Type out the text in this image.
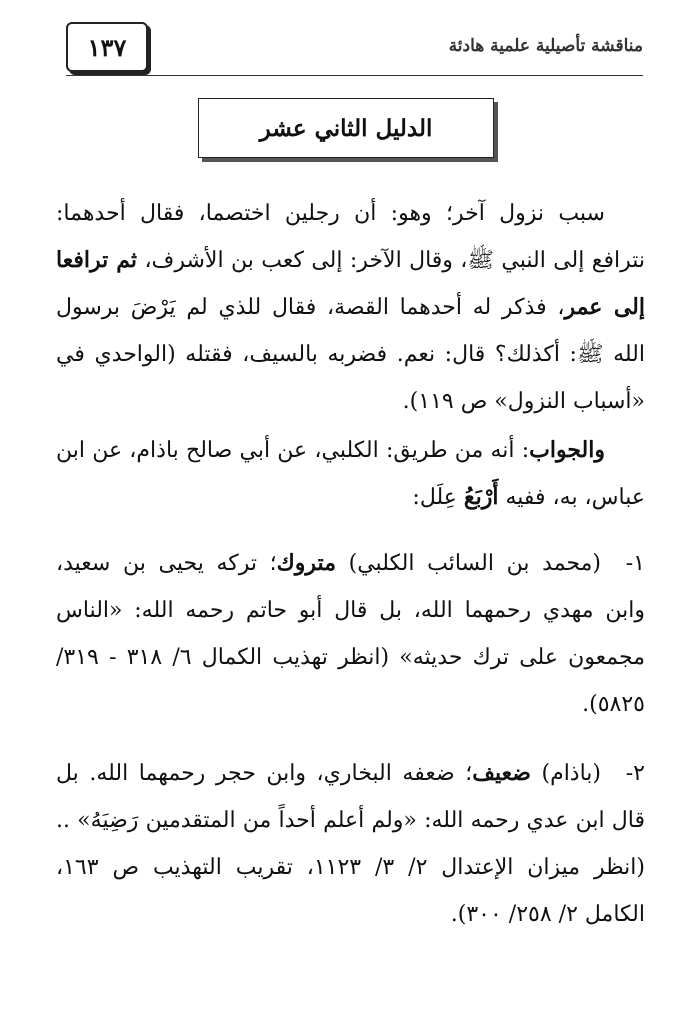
١٣٧	مناقشة تأصيلية علمية هادئة
الدليل الثاني عشر
سبب نزول آخر؛ وهو: أن رجلين اختصما، فقال أحدهما: نترافع إلى النبي ﷺ، وقال الآخر: إلى كعب بن الأشرف، ثم ترافعا إلى عمر، فذكر له أحدهما القصة، فقال للذي لم يَرْضَ برسول الله ﷺ: أكذلك؟ قال: نعم. فضربه بالسيف، فقتله (الواحدي في «أسباب النزول» ص ١١٩).
والجواب: أنه من طريق: الكلبي، عن أبي صالح باذام، عن ابن عباس، به، ففيه أَرْبَعُ عِلَل:
١-
(محمد بن السائب الكلبي) متروك؛ تركه يحيى بن سعيد، وابن مهدي رحمهما الله، بل قال أبو حاتم رحمه الله: «الناس مجمعون على ترك حديثه» (انظر تهذيب الكمال ٦/ ٣١٨ - ٣١٩/ ٥٨٢٥).
٢-
(باذام) ضعيف؛ ضعفه البخاري، وابن حجر رحمهما الله. بل قال ابن عدي رحمه الله: «ولم أعلم أحداً من المتقدمين رَضِيَهُ» .. (انظر ميزان الإعتدال ٢/ ٣/ ١١٢٣، تقريب التهذيب ص ١٦٣، الكامل ٢/ ٢٥٨/ ٣٠٠).
